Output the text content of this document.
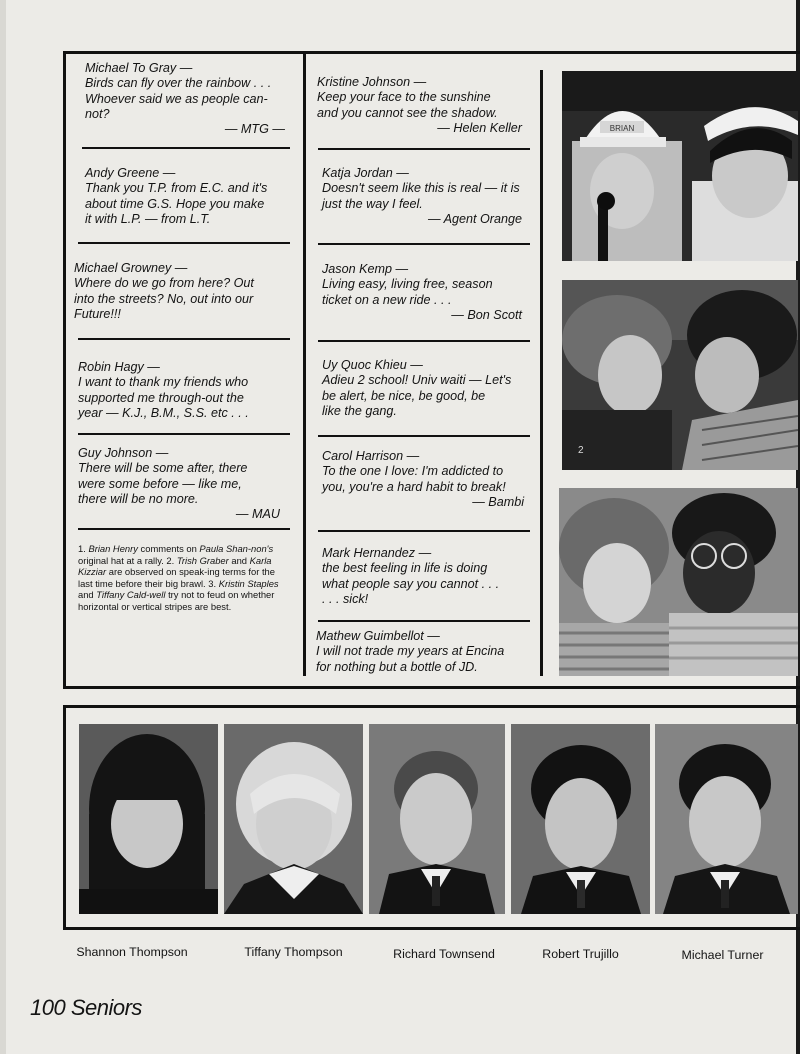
Michael To Gray —
Birds can fly over the rainbow . . .
Whoever said we as people can-
not?
— MTG —
Andy Greene —
Thank you T.P. from E.C. and it's
about time G.S. Hope you make
it with L.P. — from L.T.
Michael Growney —
Where do we go from here? Out
into the streets? No, out into our
Future!!!
Robin Hagy —
I want to thank my friends who
supported me through-out the
year — K.J., B.M., S.S. etc . . .
Guy Johnson —
There will be some after, there
were some before — like me,
there will be no more.
— MAU
1. Brian Henry comments on Paula Shan-non's original hat at a rally. 2. Trish Graber and Karla Kizziar are observed on speak-ing terms for the last time before their big brawl. 3. Kristin Staples and Tiffany Cald-well try not to feud on whether horizontal or vertical stripes are best.
Kristine Johnson —
Keep your face to the sunshine
and you cannot see the shadow.
— Helen Keller
Katja Jordan —
Doesn't seem like this is real — it is
just the way I feel.
— Agent Orange
Jason Kemp —
Living easy, living free, season
ticket on a new ride . . .
— Bon Scott
Uy Quoc Khieu —
Adieu 2 school! Univ waiti — Let's
be alert, be nice, be good, be
like the gang.
Carol Harrison —
To the one I love: I'm addicted to
you, you're a hard habit to break!
— Bambi
Mark Hernandez —
the best feeling in life is doing
what people say you cannot . . .
. . . sick!
Mathew Guimbellot —
I will not trade my years at Encina
for nothing but a bottle of JD.
BRIAN
2
Shannon Thompson	Tiffany Thompson	Richard Townsend	Robert Trujillo	Michael Turner
100 Seniors
